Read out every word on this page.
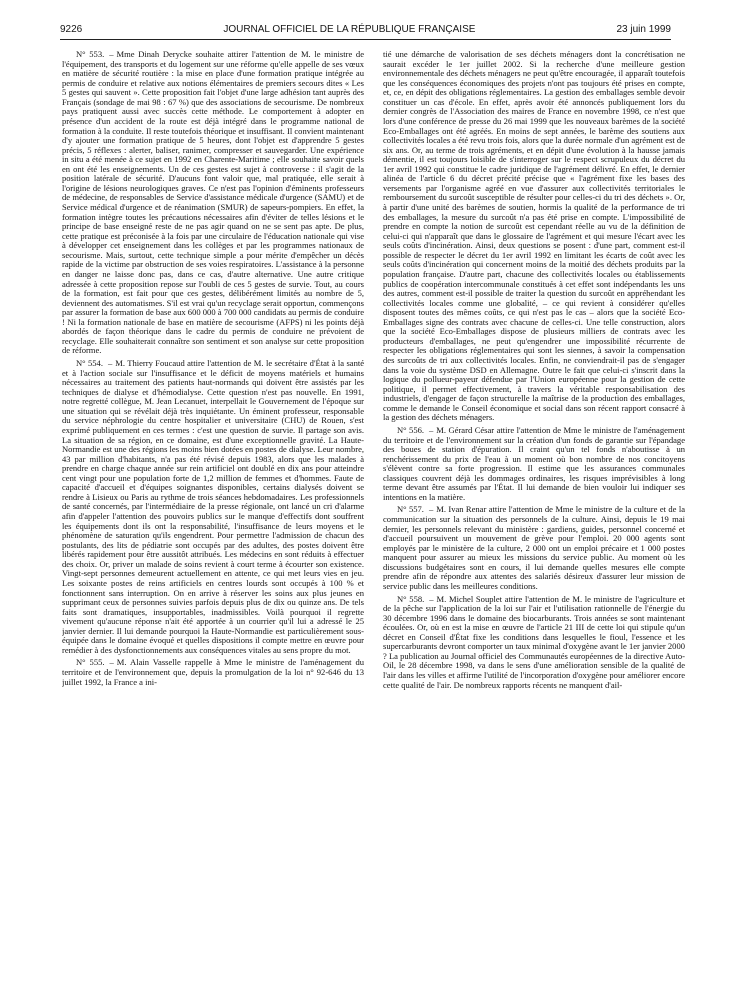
9226	JOURNAL OFFICIEL DE LA RÉPUBLIQUE FRANÇAISE	23 juin 1999

N° 553. – Mme Dinah Derycke souhaite attirer l'attention de M. le ministre de l'équipement, des transports et du logement sur une réforme qu'elle appelle de ses vœux en matière de sécurité routière : la mise en place d'une formation pratique intégrée au permis de conduire et relative aux notions élémentaires de premiers secours dites « Les 5 gestes qui sauvent ». Cette proposition fait l'objet d'une large adhésion tant auprès des Français (sondage de mai 98 : 67 %) que des associations de secourisme. De nombreux pays pratiquent aussi avec succès cette méthode. Le comportement à adopter en présence d'un accident de la route est déjà intégré dans le programme national de formation à la conduite. Il reste toutefois théorique et insuffisant. Il convient maintenant d'y ajouter une formation pratique de 5 heures, dont l'objet est d'apprendre 5 gestes précis, 5 réflexes : alerter, baliser, ranimer, compresser et sauvegarder. Une expérience in situ a été menée à ce sujet en 1992 en Charente-Maritime ; elle souhaite savoir quels en ont été les enseignements. Un de ces gestes est sujet à controverse : il s'agit de la position latérale de sécurité. D'aucuns font valoir que, mal pratiquée, elle serait à l'origine de lésions neurologiques graves. Ce n'est pas l'opinion d'éminents professeurs de médecine, de responsables de Service d'assistance médicale d'urgence (SAMU) et de Service médical d'urgence et de réanimation (SMUR) de sapeurs-pompiers. En effet, la formation intègre toutes les précautions nécessaires afin d'éviter de telles lésions et le principe de base enseigné reste de ne pas agir quand on ne se sent pas apte. De plus, cette pratique est préconisée à la fois par une circulaire de l'éducation nationale qui vise à développer cet enseignement dans les collèges et par les programmes nationaux de secourisme. Mais, surtout, cette technique simple a pour mérite d'empêcher un décès rapide de la victime par obstruction de ses voies respiratoires. L'assistance à la personne en danger ne laisse donc pas, dans ce cas, d'autre alternative. Une autre critique adressée à cette proposition repose sur l'oubli de ces 5 gestes de survie. Tout, au cours de la formation, est fait pour que ces gestes, délibérément limités au nombre de 5, deviennent des automatismes. S'il est vrai qu'un recyclage serait opportun, commençons par assurer la formation de base aux 600 000 à 700 000 candidats au permis de conduire ! Ni la formation nationale de base en matière de secourisme (AFPS) ni les points déjà abordés de façon théorique dans le cadre du permis de conduire ne prévoient de recyclage. Elle souhaiterait connaître son sentiment et son analyse sur cette proposition de réforme.

N° 554. – M. Thierry Foucaud attire l'attention de M. le secrétaire d'État à la santé et à l'action sociale sur l'insuffisance et le déficit de moyens matériels et humains nécessaires au traitement des patients haut-normands qui doivent être assistés par les techniques de dialyse et d'hémodialyse. Cette question n'est pas nouvelle. En 1991, notre regretté collègue, M. Jean Lecanuet, interpellait le Gouvernement de l'époque sur une situation qui se révélait déjà très inquiétante. Un éminent professeur, responsable du service néphrologie du centre hospitalier et universitaire (CHU) de Rouen, s'est exprimé publiquement en ces termes : c'est une question de survie. Il partage son avis. La situation de sa région, en ce domaine, est d'une exceptionnelle gravité. La Haute-Normandie est une des régions les moins bien dotées en postes de dialyse. Leur nombre, 43 par million d'habitants, n'a pas été révisé depuis 1983, alors que les malades à prendre en charge chaque année sur rein artificiel ont doublé en dix ans pour atteindre cent vingt pour une population forte de 1,2 million de femmes et d'hommes. Faute de capacité d'accueil et d'équipes soignantes disponibles, certains dialysés doivent se rendre à Lisieux ou Paris au rythme de trois séances hebdomadaires. Les professionnels de santé concernés, par l'intermédiaire de la presse régionale, ont lancé un cri d'alarme afin d'appeler l'attention des pouvoirs publics sur le manque d'effectifs dont souffrent les équipements dont ils ont la responsabilité, l'insuffisance de leurs moyens et le phénomène de saturation qu'ils engendrent. Pour permettre l'admission de chacun des postulants, des lits de pédiatrie sont occupés par des adultes, des postes doivent être libérés rapidement pour être aussitôt attribués. Les médecins en sont réduits à effectuer des choix. Or, priver un malade de soins revient à court terme à écourter son existence. Vingt-sept personnes demeurent actuellement en attente, ce qui met leurs vies en jeu. Les soixante postes de reins artificiels en centres lourds sont occupés à 100 % et fonctionnent sans interruption. On en arrive à réserver les soins aux plus jeunes en supprimant ceux de personnes suivies parfois depuis plus de dix ou quinze ans. De tels faits sont dramatiques, insupportables, inadmissibles. Voilà pourquoi il regrette vivement qu'aucune réponse n'ait été apportée à un courrier qu'il lui a adressé le 25 janvier dernier. Il lui demande pourquoi la Haute-Normandie est particulièrement sous-équipée dans le domaine évoqué et quelles dispositions il compte mettre en œuvre pour remédier à des dysfonctionnements aux conséquences vitales au sens propre du mot.

N° 555. – M. Alain Vasselle rappelle à Mme le ministre de l'aménagement du territoire et de l'environnement que, depuis la promulgation de la loi n° 92-646 du 13 juillet 1992, la France a ini-

tié une démarche de valorisation de ses déchets ménagers dont la concrétisation ne saurait excéder le 1er juillet 2002. Si la recherche d'une meilleure gestion environnementale des déchets ménagers ne peut qu'être encouragée, il apparaît toutefois que les conséquences économiques des projets n'ont pas toujours été prises en compte, et, ce, en dépit des obligations réglementaires. La gestion des emballages semble devoir constituer un cas d'école. En effet, après avoir été annoncés publiquement lors du dernier congrès de l'Association des maires de France en novembre 1998, ce n'est que lors d'une conférence de presse du 26 mai 1999 que les nouveaux barèmes de la société Eco-Emballages ont été agréés. En moins de sept années, le barème des soutiens aux collectivités locales a été revu trois fois, alors que la durée normale d'un agrément est de six ans. Or, au terme de trois agréments, et en dépit d'une évolution à la hausse jamais démentie, il est toujours loisible de s'interroger sur le respect scrupuleux du décret du 1er avril 1992 qui constitue le cadre juridique de l'agrément délivré. En effet, le dernier alinéa de l'article 6 du décret précité précise que « l'agrément fixe les bases des versements par l'organisme agréé en vue d'assurer aux collectivités territoriales le remboursement du surcoût susceptible de résulter pour celles-ci du tri des déchets ». Or, à partir d'une unité des barèmes de soutien, hormis la qualité de la performance de tri des emballages, la mesure du surcoût n'a pas été prise en compte. L'impossibilité de prendre en compte la notion de surcoût est cependant réelle au vu de la définition de celui-ci qui n'apparaît que dans le glossaire de l'agrément et qui mesure l'écart avec les seuls coûts d'incinération. Ainsi, deux questions se posent : d'une part, comment est-il possible de respecter le décret du 1er avril 1992 en limitant les écarts de coût avec les seuls coûts d'incinération qui concernent moins de la moitié des déchets produits par la population française. D'autre part, chacune des collectivités locales ou établissements publics de coopération intercommunale constitués à cet effet sont indépendants les uns des autres, comment est-il possible de traiter la question du surcoût en appréhendant les collectivités locales comme une globalité, – ce qui revient à considérer qu'elles disposent toutes des mêmes coûts, ce qui n'est pas le cas – alors que la société Eco-Emballages signe des contrats avec chacune de celles-ci. Une telle construction, alors que la société Eco-Emballages dispose de plusieurs milliers de contrats avec les producteurs d'emballages, ne peut qu'engendrer une impossibilité récurrente de respecter les obligations réglementaires qui sont les siennes, à savoir la compensation des surcoûts de tri aux collectivités locales. Enfin, ne conviendrait-il pas de s'engager dans la voie du système DSD en Allemagne. Outre le fait que celui-ci s'inscrit dans la logique du pollueur-payeur défendue par l'Union européenne pour la gestion de cette politique, il permet effectivement, à travers la véritable responsabilisation des industriels, d'engager de façon structurelle la maîtrise de la production des emballages, comme le demande le Conseil économique et social dans son récent rapport consacré à la gestion des déchets ménagers.

N° 556. – M. Gérard César attire l'attention de Mme le ministre de l'aménagement du territoire et de l'environnement sur la création d'un fonds de garantie sur l'épandage des boues de station d'épuration. Il craint qu'un tel fonds n'aboutisse à un renchérissement du prix de l'eau à un moment où bon nombre de nos concitoyens s'élèvent contre sa forte progression. Il estime que les assurances communales classiques couvrent déjà les dommages ordinaires, les risques imprévisibles à long terme devant être assumés par l'État. Il lui demande de bien vouloir lui indiquer ses intentions en la matière.

N° 557. – M. Ivan Renar attire l'attention de Mme le ministre de la culture et de la communication sur la situation des personnels de la culture. Ainsi, depuis le 19 mai dernier, les personnels relevant du ministère : gardiens, guides, personnel concerné et d'accueil poursuivent un mouvement de grève pour l'emploi. 20 000 agents sont employés par le ministère de la culture, 2 000 ont un emploi précaire et 1 000 postes manquent pour assurer au mieux les missions du service public. Au moment où les discussions budgétaires sont en cours, il lui demande quelles mesures elle compte prendre afin de répondre aux attentes des salariés désireux d'assurer leur mission de service public dans les meilleures conditions.

N° 558. – M. Michel Souplet attire l'attention de M. le ministre de l'agriculture et de la pêche sur l'application de la loi sur l'air et l'utilisation rationnelle de l'énergie du 30 décembre 1996 dans le domaine des biocarburants. Trois années se sont maintenant écoulées. Or, où en est la mise en œuvre de l'article 21 III de cette loi qui stipule qu'un décret en Conseil d'État fixe les conditions dans lesquelles le fioul, l'essence et les supercarburants devront comporter un taux minimal d'oxygène avant le 1er janvier 2000 ? La publication au Journal officiel des Communautés européennes de la directive Auto-Oil, le 28 décembre 1998, va dans le sens d'une amélioration sensible de la qualité de l'air dans les villes et affirme l'utilité de l'incorporation d'oxygène pour améliorer encore cette qualité de l'air. De nombreux rapports récents ne manquent d'ail-
